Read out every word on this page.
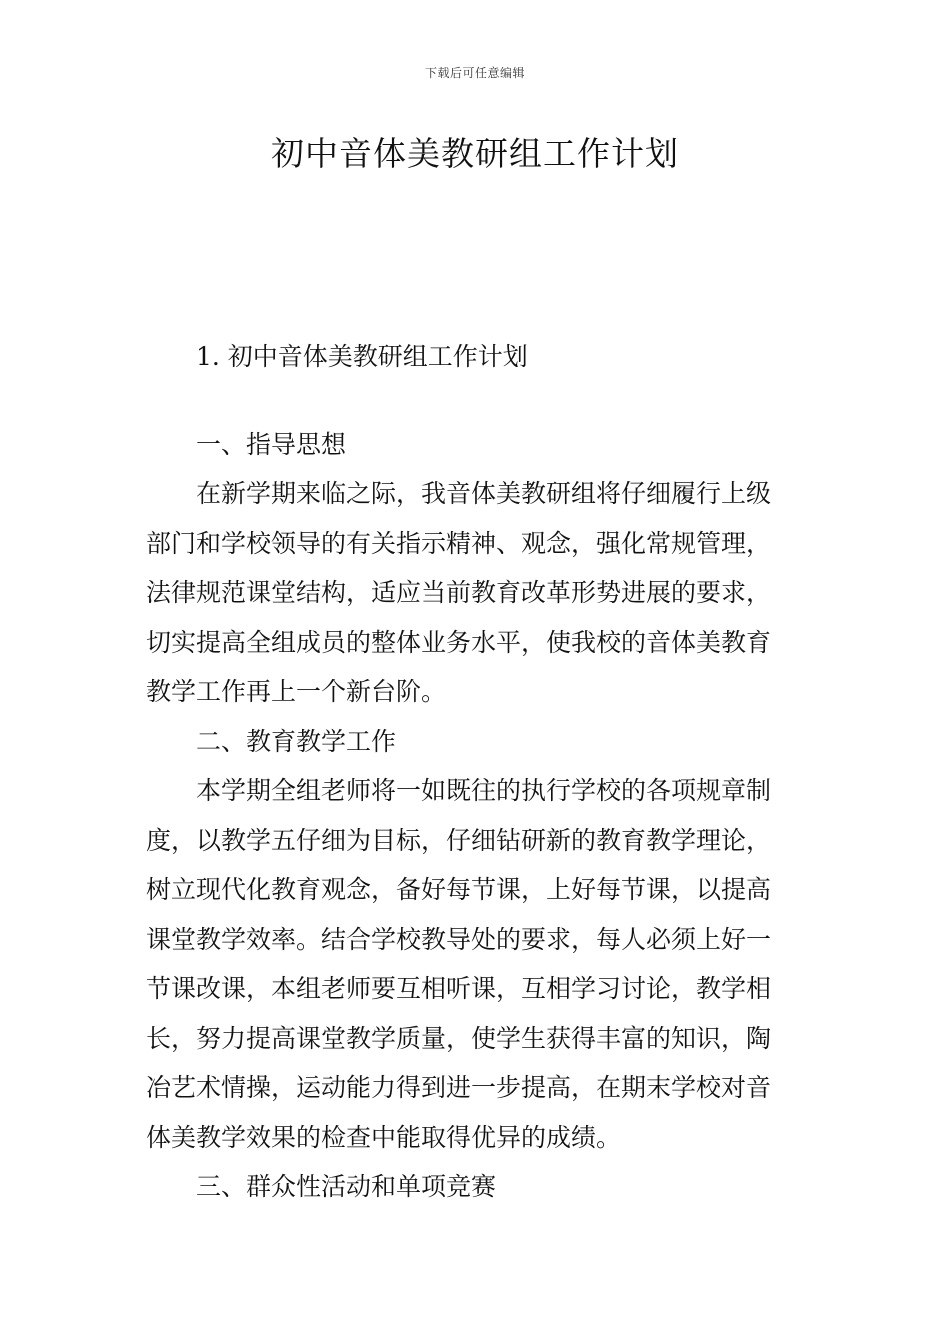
下载后可任意编辑
初中音体美教研组工作计划
1. 初中音体美教研组工作计划
一、指导思想
在新学期来临之际，我音体美教研组将仔细履行上级
部门和学校领导的有关指示精神、观念，强化常规管理，
法律规范课堂结构，适应当前教育改革形势进展的要求，
切实提高全组成员的整体业务水平，使我校的音体美教育
教学工作再上一个新台阶。
二、教育教学工作
本学期全组老师将一如既往的执行学校的各项规章制
度，以教学五仔细为目标，仔细钻研新的教育教学理论，
树立现代化教育观念，备好每节课，上好每节课，以提高
课堂教学效率。结合学校教导处的要求，每人必须上好一
节课改课，本组老师要互相听课，互相学习讨论，教学相
长，努力提高课堂教学质量，使学生获得丰富的知识，陶
冶艺术情操，运动能力得到进一步提高，在期末学校对音
体美教学效果的检查中能取得优异的成绩。
三、群众性活动和单项竞赛
